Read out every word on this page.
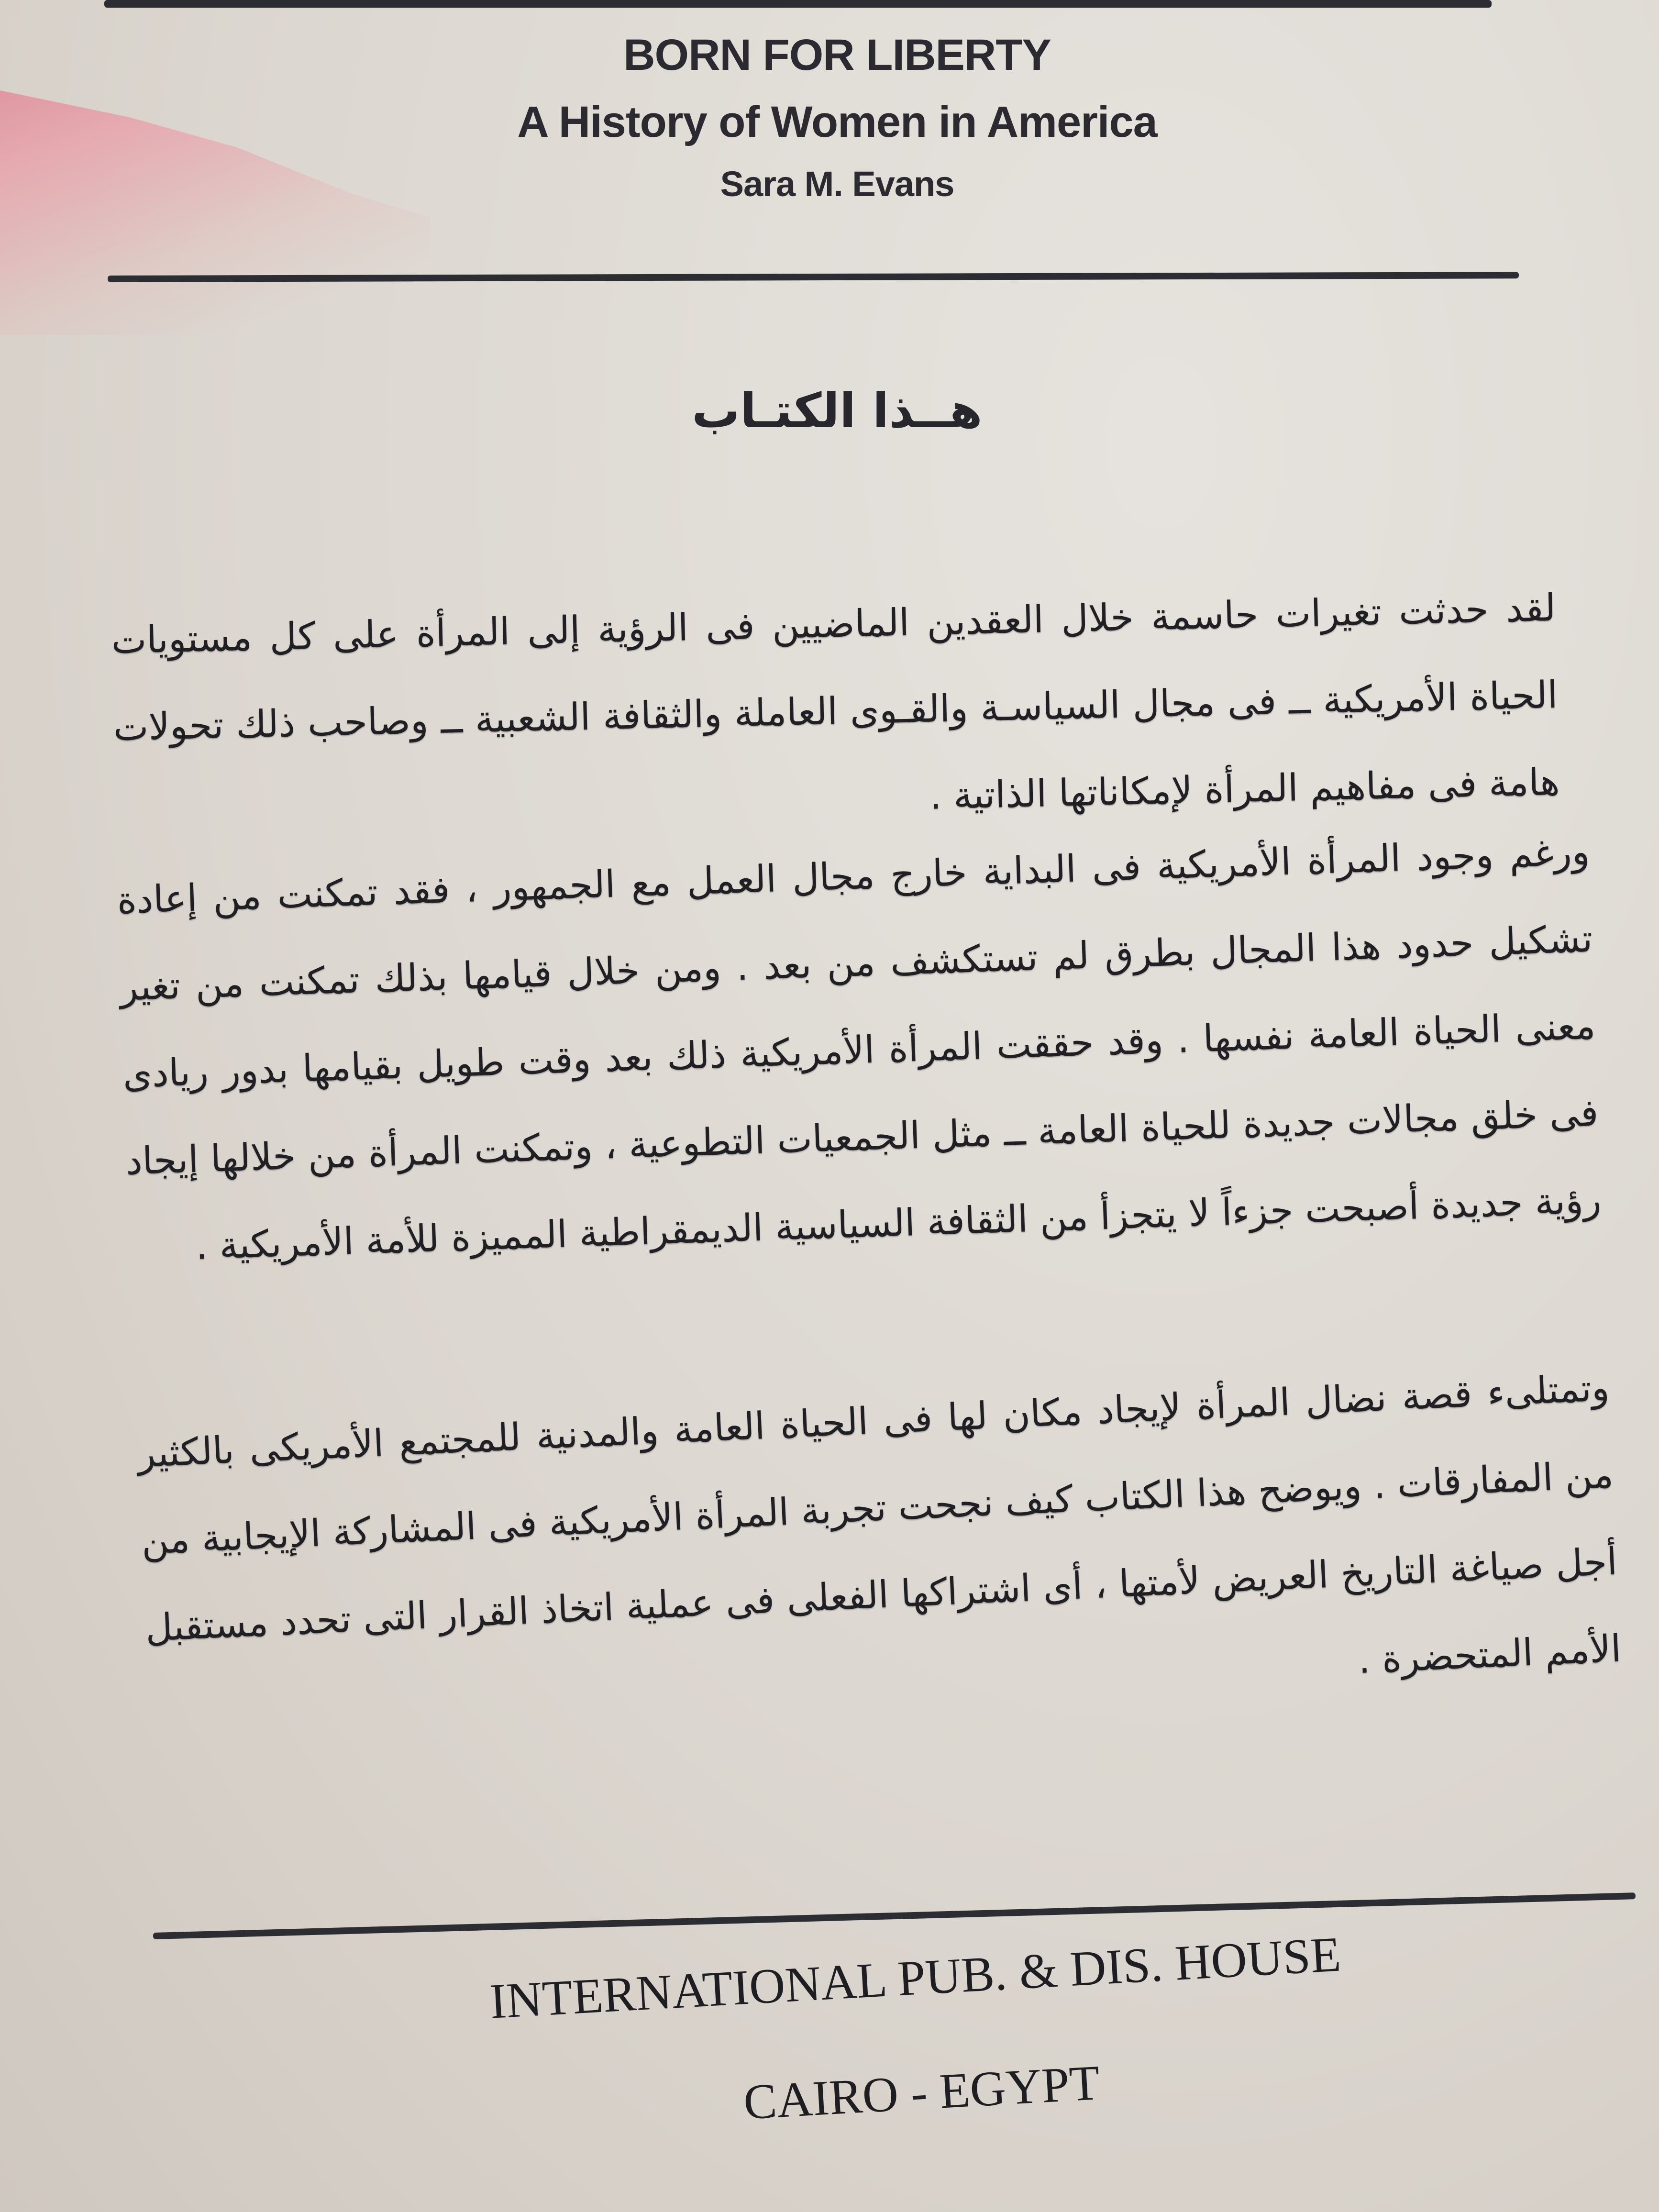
BORN FOR LIBERTY
A History of Women in America
Sara M. Evans
هــذا الكتـاب

لقد حدثت تغيرات حاسمة خلال العقدين الماضيين فى الرؤية إلى المرأة على كل مستويات الحياة الأمريكية ــ فى مجال السياسـة والقـوى العاملة والثقافة الشعبية ــ وصاحب ذلك تحولات هامة فى مفاهيم المرأة لإمكاناتها الذاتية .

ورغم وجود المرأة الأمريكية فى البداية خارج مجال العمل مع الجمهور ، فقد تمكنت من إعادة تشكيل حدود هذا المجال بطرق لم تستكشف من بعد . ومن خلال قيامها بذلك تمكنت من تغير معنى الحياة العامة نفسها . وقد حققت المرأة الأمريكية ذلك بعد وقت طويل بقيامها بدور ريادى فى خلق مجالات جديدة للحياة العامة ــ مثل الجمعيات التطوعية ، وتمكنت المرأة من خلالها إيجاد رؤية جديدة أصبحت جزءاً لا يتجزأ من الثقافة السياسية الديمقراطية المميزة للأمة الأمريكية .

وتمتلىء قصة نضال المرأة لإيجاد مكان لها فى الحياة العامة والمدنية للمجتمع الأمريكى بالكثير من المفارقات . ويوضح هذا الكتاب كيف نجحت تجربة المرأة الأمريكية فى المشاركة الإيجابية من أجل صياغة التاريخ العريض لأمتها ، أى اشتراكها الفعلى فى عملية اتخاذ القرار التى تحدد مستقبل الأمم المتحضرة .

INTERNATIONAL PUB. & DIS. HOUSE
CAIRO - EGYPT
